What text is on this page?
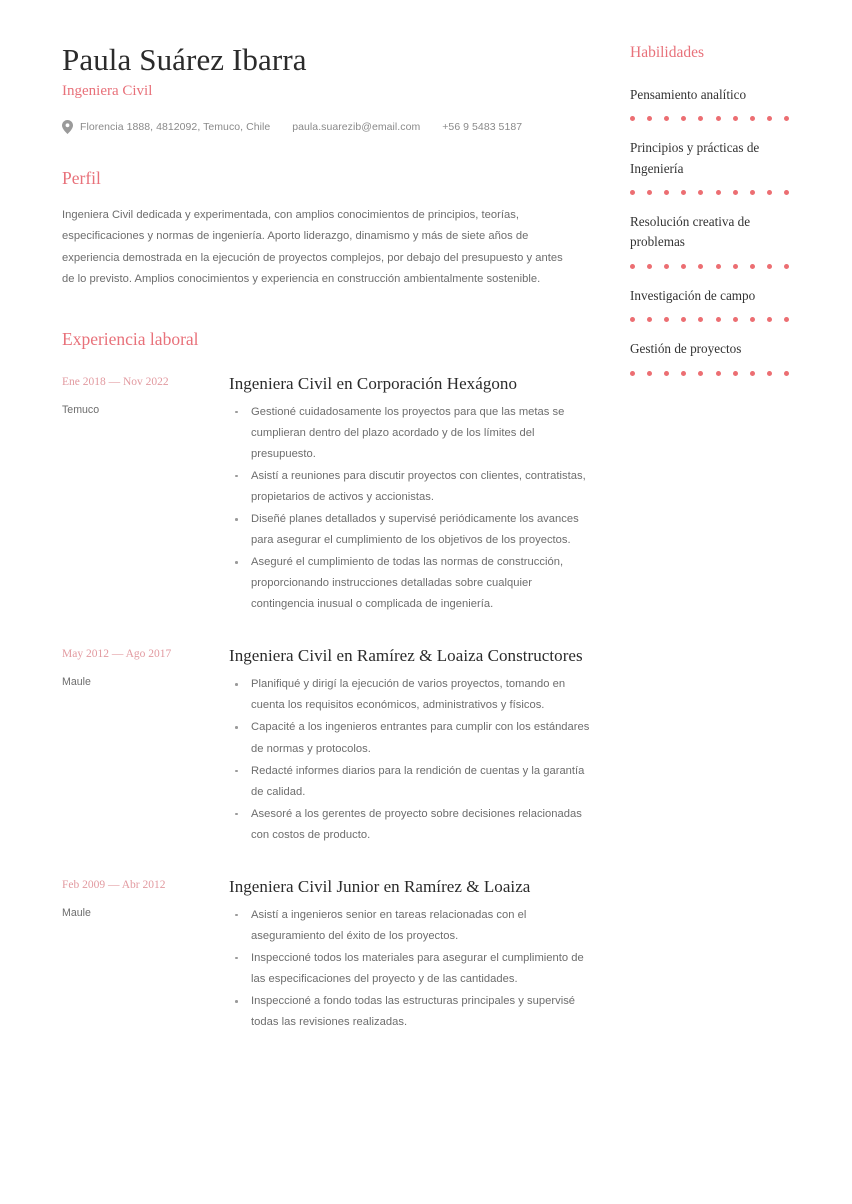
Paula Suárez Ibarra
Ingeniera Civil
Florencia 1888, 4812092, Temuco, Chile paula.suarezib@email.com +56 9 5483 5187
Perfil

Ingeniera Civil dedicada y experimentada, con amplios conocimientos de principios, teorías, especificaciones y normas de ingeniería. Aporto liderazgo, dinamismo y más de siete años de experiencia demostrada en la ejecución de proyectos complejos, por debajo del presupuesto y antes de lo previsto. Amplios conocimientos y experiencia en construcción ambientalmente sostenible.

Experiencia laboral
Ene 2018 — Nov 2022
Temuco
Ingeniera Civil en Corporación Hexágono
Gestioné cuidadosamente los proyectos para que las metas se cumplieran dentro del plazo acordado y de los límites del presupuesto.
Asistí a reuniones para discutir proyectos con clientes, contratistas, propietarios de activos y accionistas.
Diseñé planes detallados y supervisé periódicamente los avances para asegurar el cumplimiento de los objetivos de los proyectos.
Aseguré el cumplimiento de todas las normas de construcción, proporcionando instrucciones detalladas sobre cualquier contingencia inusual o complicada de ingeniería.
May 2012 — Ago 2017
Maule
Ingeniera Civil en Ramírez & Loaiza Constructores
Planifiqué y dirigí la ejecución de varios proyectos, tomando en cuenta los requisitos económicos, administrativos y físicos.
Capacité a los ingenieros entrantes para cumplir con los estándares de normas y protocolos.
Redacté informes diarios para la rendición de cuentas y la garantía de calidad.
Asesoré a los gerentes de proyecto sobre decisiones relacionadas con costos de producto.
Feb 2009 — Abr 2012
Maule
Ingeniera Civil Junior en Ramírez & Loaiza
Asistí a ingenieros senior en tareas relacionadas con el aseguramiento del éxito de los proyectos.
Inspeccioné todos los materiales para asegurar el cumplimiento de las especificaciones del proyecto y de las cantidades.
Inspeccioné a fondo todas las estructuras principales y supervisé todas las revisiones realizadas.
Habilidades
Pensamiento analítico
Principios y prácticas de Ingeniería
Resolución creativa de problemas
Investigación de campo
Gestión de proyectos
